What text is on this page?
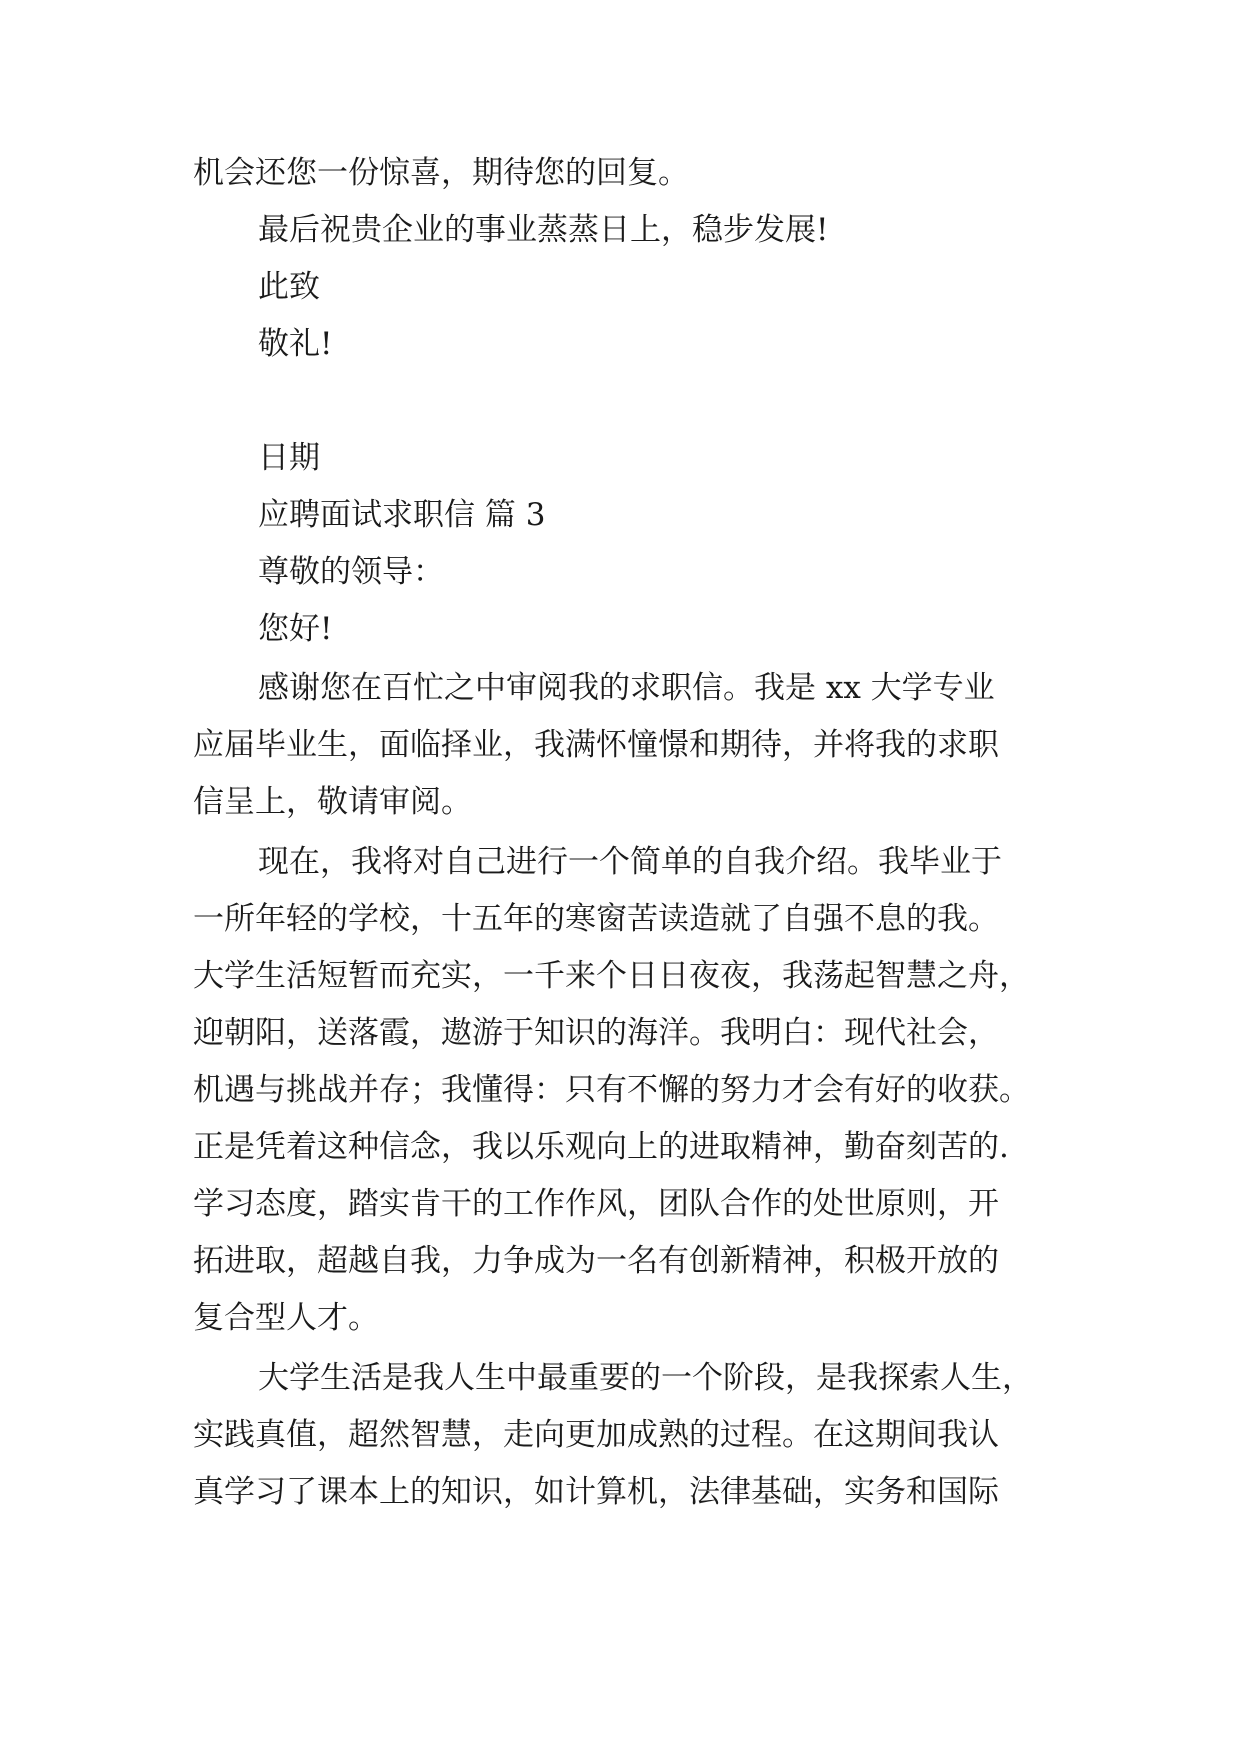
机会还您一份惊喜，期待您的回复。
最后祝贵企业的事业蒸蒸日上，稳步发展!
此致
敬礼!
日期
应聘面试求职信 篇 3
尊敬的领导：
您好!
感谢您在百忙之中审阅我的求职信。我是 xx 大学专业
应届毕业生，面临择业，我满怀憧憬和期待，并将我的求职
信呈上，敬请审阅。
现在，我将对自己进行一个简单的自我介绍。我毕业于
一所年轻的学校，十五年的寒窗苦读造就了自强不息的我。
大学生活短暂而充实，一千来个日日夜夜，我荡起智慧之舟，
迎朝阳，送落霞，遨游于知识的海洋。我明白：现代社会，
机遇与挑战并存；我懂得：只有不懈的努力才会有好的收获。
正是凭着这种信念，我以乐观向上的进取精神，勤奋刻苦的.
学习态度，踏实肯干的工作作风，团队合作的处世原则，开
拓进取，超越自我，力争成为一名有创新精神，积极开放的
复合型人才。
大学生活是我人生中最重要的一个阶段，是我探索人生，
实践真值，超然智慧，走向更加成熟的过程。在这期间我认
真学习了课本上的知识，如计算机，法律基础，实务和国际
